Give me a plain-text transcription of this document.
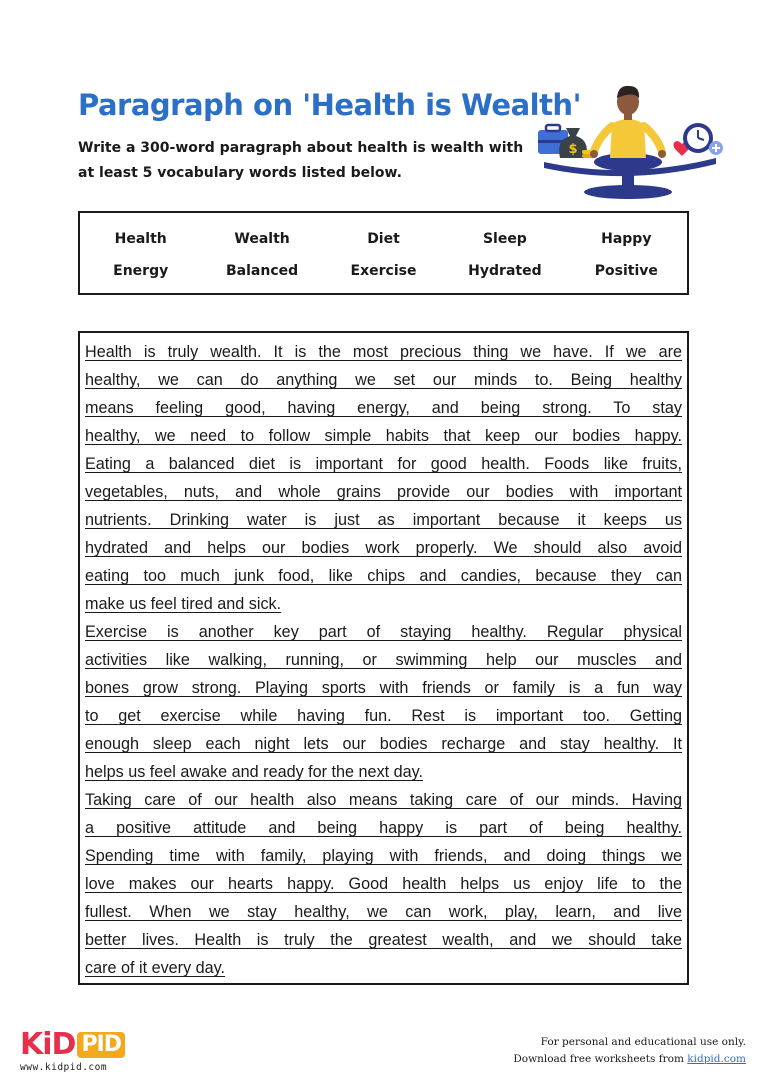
Paragraph on 'Health is Wealth'

Write a 300-word paragraph about health is wealth with at least 5 vocabulary words listed below.

$
Health	Wealth	Diet	Sleep	Happy
Energy	Balanced	Exercise	Hydrated	Positive
Health is truly wealth. It is the most precious thing we have. If we are
healthy, we can do anything we set our minds to. Being healthy
means feeling good, having energy, and being strong. To stay
healthy, we need to follow simple habits that keep our bodies happy.
Eating a balanced diet is important for good health. Foods like fruits,
vegetables, nuts, and whole grains provide our bodies with important
nutrients. Drinking water is just as important because it keeps us
hydrated and helps our bodies work properly. We should also avoid
eating too much junk food, like chips and candies, because they can
make us feel tired and sick.
Exercise is another key part of staying healthy. Regular physical
activities like walking, running, or swimming help our muscles and
bones grow strong. Playing sports with friends or family is a fun way
to get exercise while having fun. Rest is important too. Getting
enough sleep each night lets our bodies recharge and stay healthy. It
helps us feel awake and ready for the next day.
Taking care of our health also means taking care of our minds. Having
a positive attitude and being happy is part of being healthy.
Spending time with family, playing with friends, and doing things we
love makes our hearts happy. Good health helps us enjoy life to the
fullest. When we stay healthy, we can work, play, learn, and live
better lives. Health is truly the greatest wealth, and we should take
care of it every day.
KiD PID
www.kidpid.com
For personal and educational use only.
Download free worksheets from kidpid.com
